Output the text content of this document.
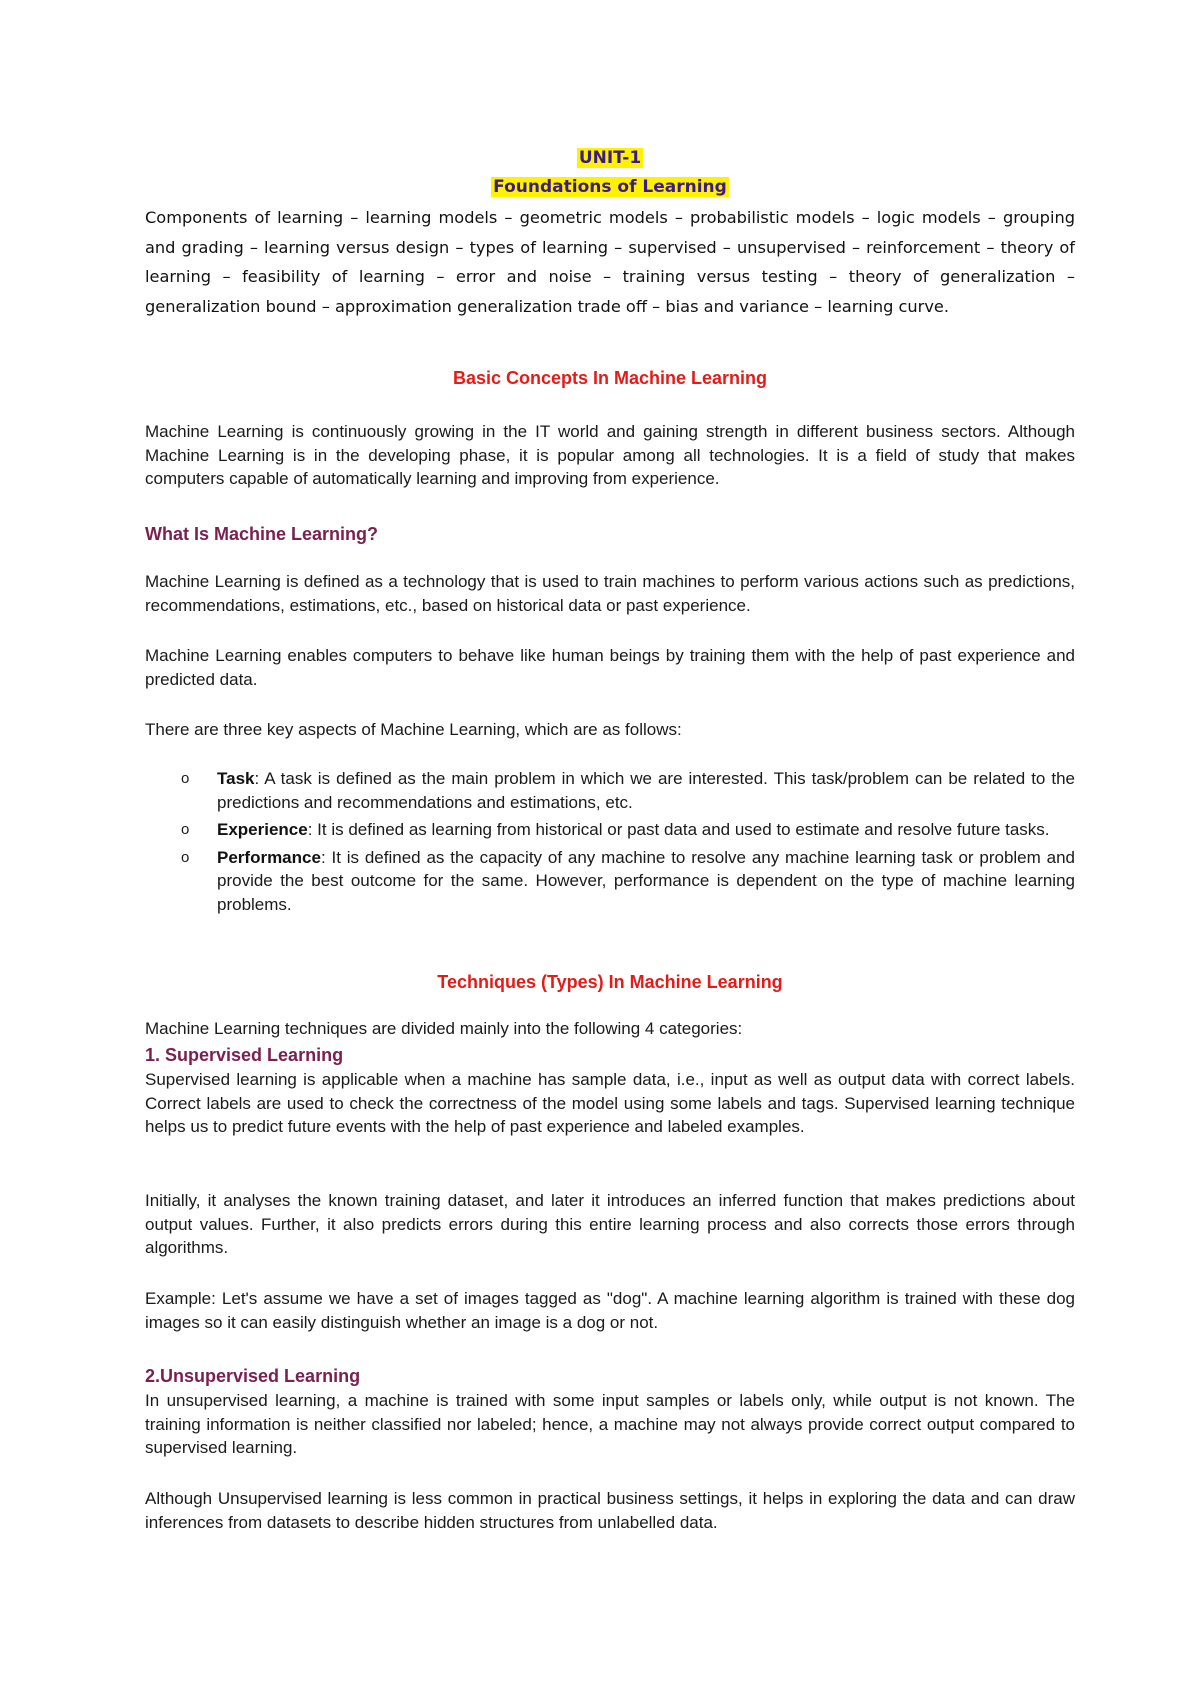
UNIT-1
Foundations of Learning

Components of learning – learning models – geometric models – probabilistic models – logic models – grouping and grading – learning versus design – types of learning – supervised – unsupervised – reinforcement – theory of learning – feasibility of learning – error and noise – training versus testing – theory of generalization – generalization bound – approximation generalization trade off – bias and variance – learning curve.

Basic Concepts In Machine Learning

Machine Learning is continuously growing in the IT world and gaining strength in different business sectors. Although Machine Learning is in the developing phase, it is popular among all technologies. It is a field of study that makes computers capable of automatically learning and improving from experience.

What Is Machine Learning?

Machine Learning is defined as a technology that is used to train machines to perform various actions such as predictions, recommendations, estimations, etc., based on historical data or past experience.

Machine Learning enables computers to behave like human beings by training them with the help of past experience and predicted data.

There are three key aspects of Machine Learning, which are as follows:

o Task: A task is defined as the main problem in which we are interested. This task/problem can be related to the predictions and recommendations and estimations, etc.
o Experience: It is defined as learning from historical or past data and used to estimate and resolve future tasks.
o Performance: It is defined as the capacity of any machine to resolve any machine learning task or problem and provide the best outcome for the same. However, performance is dependent on the type of machine learning problems.
Techniques (Types) In Machine Learning

Machine Learning techniques are divided mainly into the following 4 categories:

1. Supervised Learning

Supervised learning is applicable when a machine has sample data, i.e., input as well as output data with correct labels. Correct labels are used to check the correctness of the model using some labels and tags. Supervised learning technique helps us to predict future events with the help of past experience and labeled examples.

Initially, it analyses the known training dataset, and later it introduces an inferred function that makes predictions about output values. Further, it also predicts errors during this entire learning process and also corrects those errors through algorithms.

Example: Let's assume we have a set of images tagged as "dog". A machine learning algorithm is trained with these dog images so it can easily distinguish whether an image is a dog or not.

2.Unsupervised Learning

In unsupervised learning, a machine is trained with some input samples or labels only, while output is not known. The training information is neither classified nor labeled; hence, a machine may not always provide correct output compared to supervised learning.

Although Unsupervised learning is less common in practical business settings, it helps in exploring the data and can draw inferences from datasets to describe hidden structures from unlabelled data.
